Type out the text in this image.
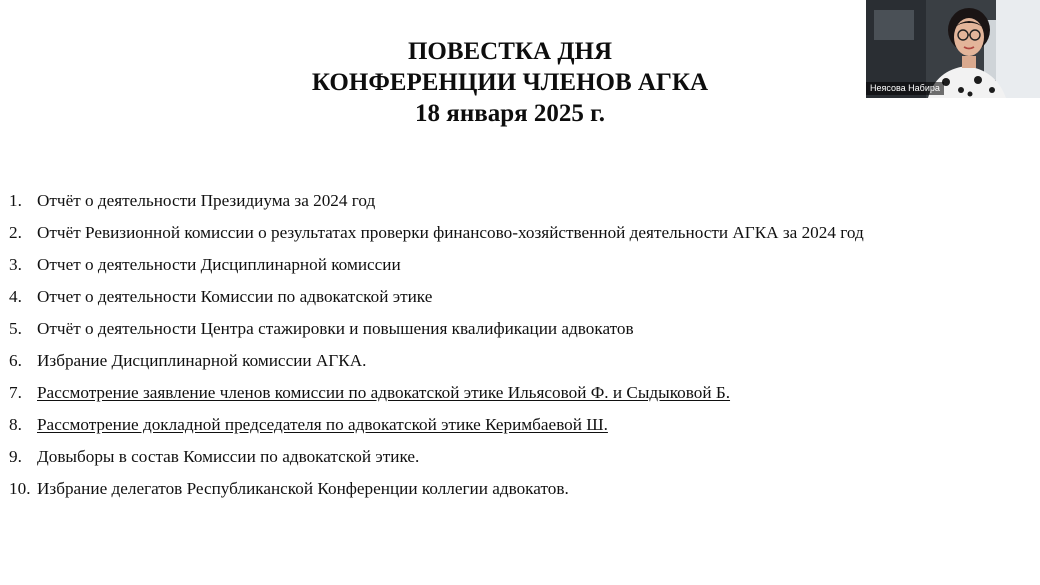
ПОВЕСТКА ДНЯ
КОНФЕРЕНЦИИ ЧЛЕНОВ АГКА
18 января 2025 г.
1. Отчёт о деятельности Президиума за 2024 год
2. Отчёт Ревизионной комиссии о результатах проверки финансово-хозяйственной деятельности АГКА за 2024 год
3. Отчет о деятельности Дисциплинарной комиссии
4. Отчет о деятельности Комиссии по адвокатской этике
5. Отчёт о деятельности Центра стажировки и повышения квалификации адвокатов
6. Избрание Дисциплинарной комиссии АГКА.
7. Рассмотрение заявление членов комиссии по адвокатской этике Ильясовой Ф. и Сыдыковой Б.
8. Рассмотрение докладной председателя по адвокатской этике Керимбаевой Ш.
9. Довыборы в состав Комиссии по адвокатской этике.
10. Избрание делегатов Республиканской Конференции коллегии адвокатов.
Неясова Набира
